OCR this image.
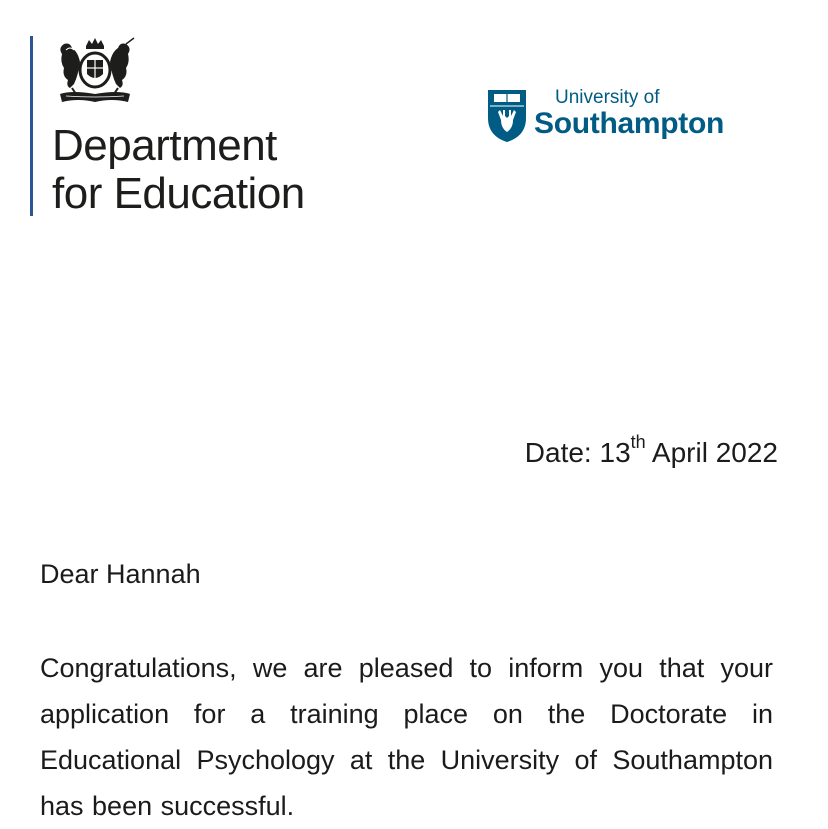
Department
for Education
University of
Southampton
Date: 13th April 2022
Dear Hannah
Congratulations, we are pleased to inform you that your application for a training place on the Doctorate in Educational Psychology at the University of Southampton has been successful.
